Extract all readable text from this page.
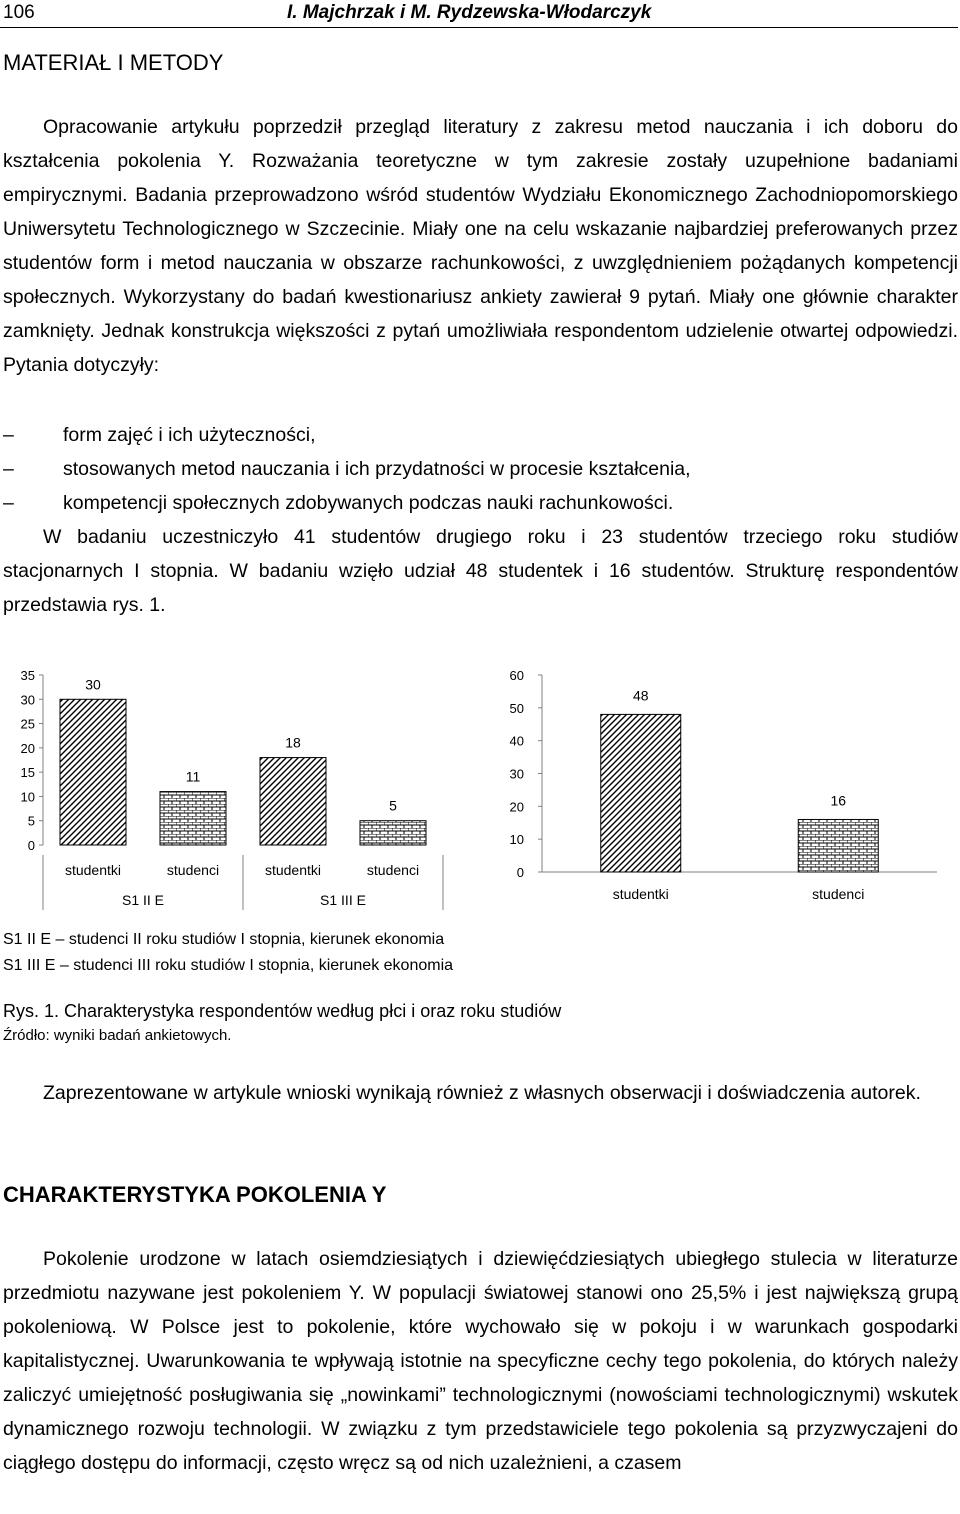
106	I. Majchrzak i M. Rydzewska-Włodarczyk
MATERIAŁ I METODY

Opracowanie artykułu poprzedził przegląd literatury z zakresu metod nauczania i ich doboru do kształcenia pokolenia Y. Rozważania teoretyczne w tym zakresie zostały uzupełnione badaniami empirycznymi. Badania przeprowadzono wśród studentów Wydziału Ekonomicznego Zachodniopomorskiego Uniwersytetu Technologicznego w Szczecinie. Miały one na celu wskazanie najbardziej preferowanych przez studentów form i metod nauczania w obszarze rachunkowości, z uwzględnieniem pożądanych kompetencji społecznych. Wykorzystany do badań kwestionariusz ankiety zawierał 9 pytań. Miały one głównie charakter zamknięty. Jednak konstrukcja większości z pytań umożliwiała respondentom udzielenie otwartej odpowiedzi. Pytania dotyczyły:

–	form zajęć i ich użyteczności,
–	stosowanych metod nauczania i ich przydatności w procesie kształcenia,
–	kompetencji społecznych zdobywanych podczas nauki rachunkowości.

W badaniu uczestniczyło 41 studentów drugiego roku i 23 studentów trzeciego roku studiów stacjonarnych I stopnia. W badaniu wzięło udział 48 studentek i 16 studentów. Strukturę respondentów przedstawia rys. 1.

35
30
25
20
15
10
5
0
30
studentki
11
studenci
18
studentki
5
studenci
S1 II E	S1 III E
60
50
40
30
20
10
0
48
studentki
16
studenci

S1 II E – studenci II roku studiów I stopnia, kierunek ekonomia

S1 III E – studenci III roku studiów I stopnia, kierunek ekonomia

Rys. 1. Charakterystyka respondentów według płci i oraz roku studiów
Źródło: wyniki badań ankietowych.

Zaprezentowane w artykule wnioski wynikają również z własnych obserwacji i doświadczenia autorek.

CHARAKTERYSTYKA POKOLENIA Y

Pokolenie urodzone w latach osiemdziesiątych i dziewięćdziesiątych ubiegłego stulecia w literaturze przedmiotu nazywane jest pokoleniem Y. W populacji światowej stanowi ono 25,5% i jest największą grupą pokoleniową. W Polsce jest to pokolenie, które wychowało się w pokoju i w warunkach gospodarki kapitalistycznej. Uwarunkowania te wpływają istotnie na specyficzne cechy tego pokolenia, do których należy zaliczyć umiejętność posługiwania się „nowinkami” technologicznymi (nowościami technologicznymi) wskutek dynamicznego rozwoju technologii. W związku z tym przedstawiciele tego pokolenia są przyzwyczajeni do ciągłego dostępu do informacji, często wręcz są od nich uzależnieni, a czasem
